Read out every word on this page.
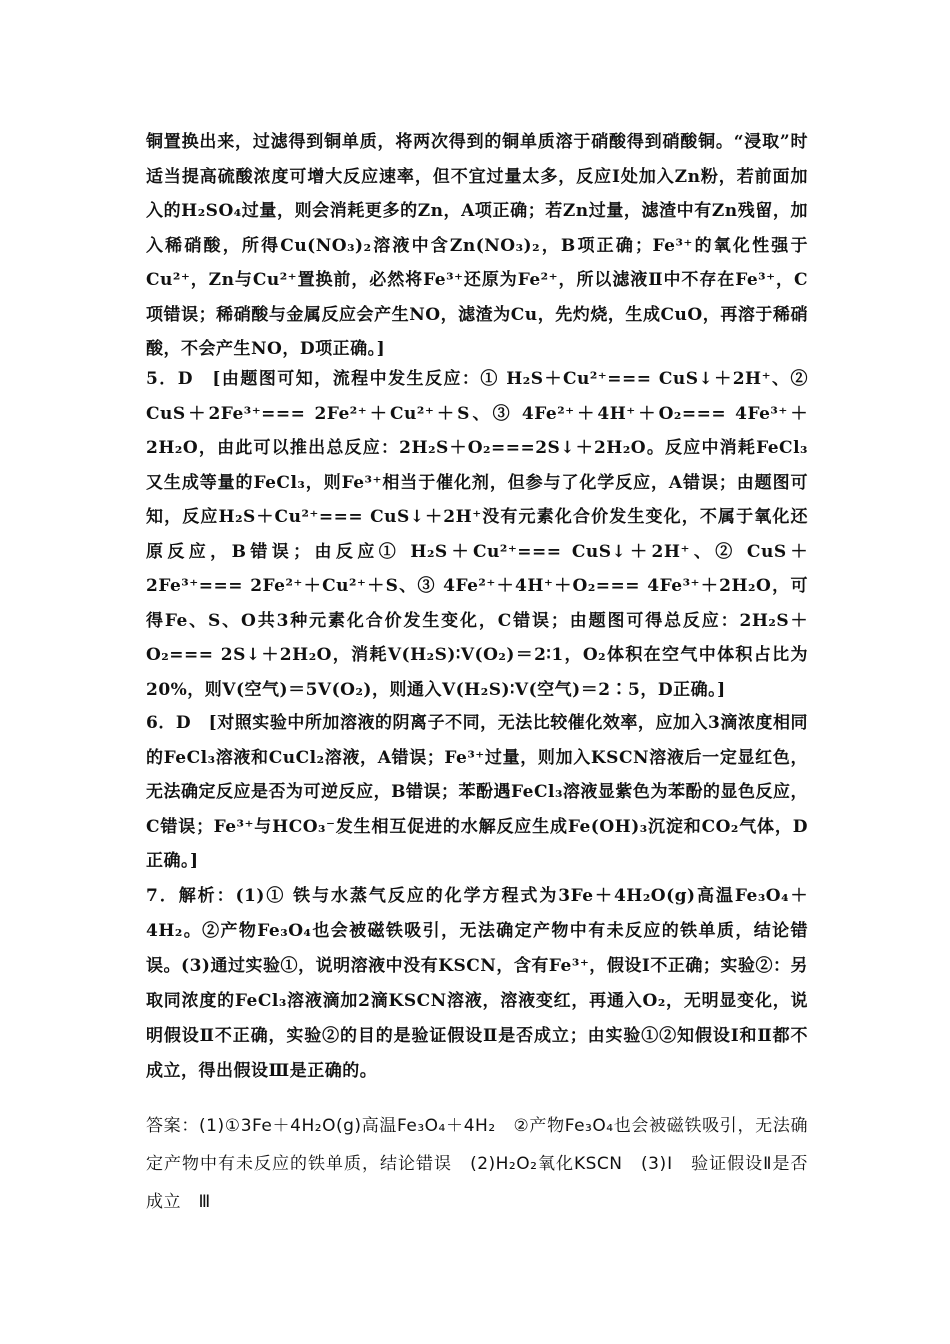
铜置换出来，过滤得到铜单质，将两次得到的铜单质溶于硝酸得到硝酸铜。“浸取”时适当提高硫酸浓度可增大反应速率，但不宜过量太多，反应Ⅰ处加入Zn粉，若前面加入的H₂SO₄过量，则会消耗更多的Zn，A项正确；若Zn过量，滤渣中有Zn残留，加入稀硝酸，所得Cu(NO₃)₂溶液中含Zn(NO₃)₂，B项正确；Fe³⁺的氧化性强于Cu²⁺，Zn与Cu²⁺置换前，必然将Fe³⁺还原为Fe²⁺，所以滤液Ⅱ中不存在Fe³⁺，C项错误；稀硝酸与金属反应会产生NO，滤渣为Cu，先灼烧，生成CuO，再溶于稀硝酸，不会产生NO，D项正确。]

5．D　[由题图可知，流程中发生反应：① H₂S＋Cu²⁺=== CuS↓＋2H⁺、② CuS＋2Fe³⁺=== 2Fe²⁺＋Cu²⁺＋S、③ 4Fe²⁺＋4H⁺＋O₂=== 4Fe³⁺＋2H₂O，由此可以推出总反应：2H₂S＋O₂===2S↓＋2H₂O。反应中消耗FeCl₃又生成等量的FeCl₃，则Fe³⁺相当于催化剂，但参与了化学反应，A错误；由题图可知，反应H₂S＋Cu²⁺=== CuS↓＋2H⁺没有元素化合价发生变化，不属于氧化还原反应，B错误；由反应① H₂S＋Cu²⁺=== CuS↓＋2H⁺、② CuS＋2Fe³⁺=== 2Fe²⁺＋Cu²⁺＋S、③ 4Fe²⁺＋4H⁺＋O₂=== 4Fe³⁺＋2H₂O，可得Fe、S、O共3种元素化合价发生变化，C错误；由题图可得总反应：2H₂S＋O₂=== 2S↓＋2H₂O，消耗V(H₂S)∶V(O₂)＝2∶1，O₂体积在空气中体积占比为20%，则V(空气)＝5V(O₂)，则通入V(H₂S)∶V(空气)＝2∶5，D正确。]

6．D　[对照实验中所加溶液的阴离子不同，无法比较催化效率，应加入3滴浓度相同的FeCl₃溶液和CuCl₂溶液，A错误；Fe³⁺过量，则加入KSCN溶液后一定显红色，无法确定反应是否为可逆反应，B错误；苯酚遇FeCl₃溶液显紫色为苯酚的显色反应，C错误；Fe³⁺与HCO₃⁻发生相互促进的水解反应生成Fe(OH)₃沉淀和CO₂气体，D正确。]

7．解析：(1)① 铁与水蒸气反应的化学方程式为3Fe＋4H₂O(g)高温Fe₃O₄＋4H₂。②产物Fe₃O₄也会被磁铁吸引，无法确定产物中有未反应的铁单质，结论错误。(3)通过实验①，说明溶液中没有KSCN，含有Fe³⁺，假设Ⅰ不正确；实验②：另取同浓度的FeCl₃溶液滴加2滴KSCN溶液，溶液变红，再通入O₂，无明显变化，说明假设Ⅱ不正确，实验②的目的是验证假设Ⅱ是否成立；由实验①②知假设Ⅰ和Ⅱ都不成立，得出假设Ⅲ是正确的。

答案：(1)①3Fe＋4H₂O(g)高温Fe₃O₄＋4H₂　②产物Fe₃O₄也会被磁铁吸引，无法确定产物中有未反应的铁单质，结论错误　(2)H₂O₂氧化KSCN　(3)Ⅰ　验证假设Ⅱ是否成立　Ⅲ
